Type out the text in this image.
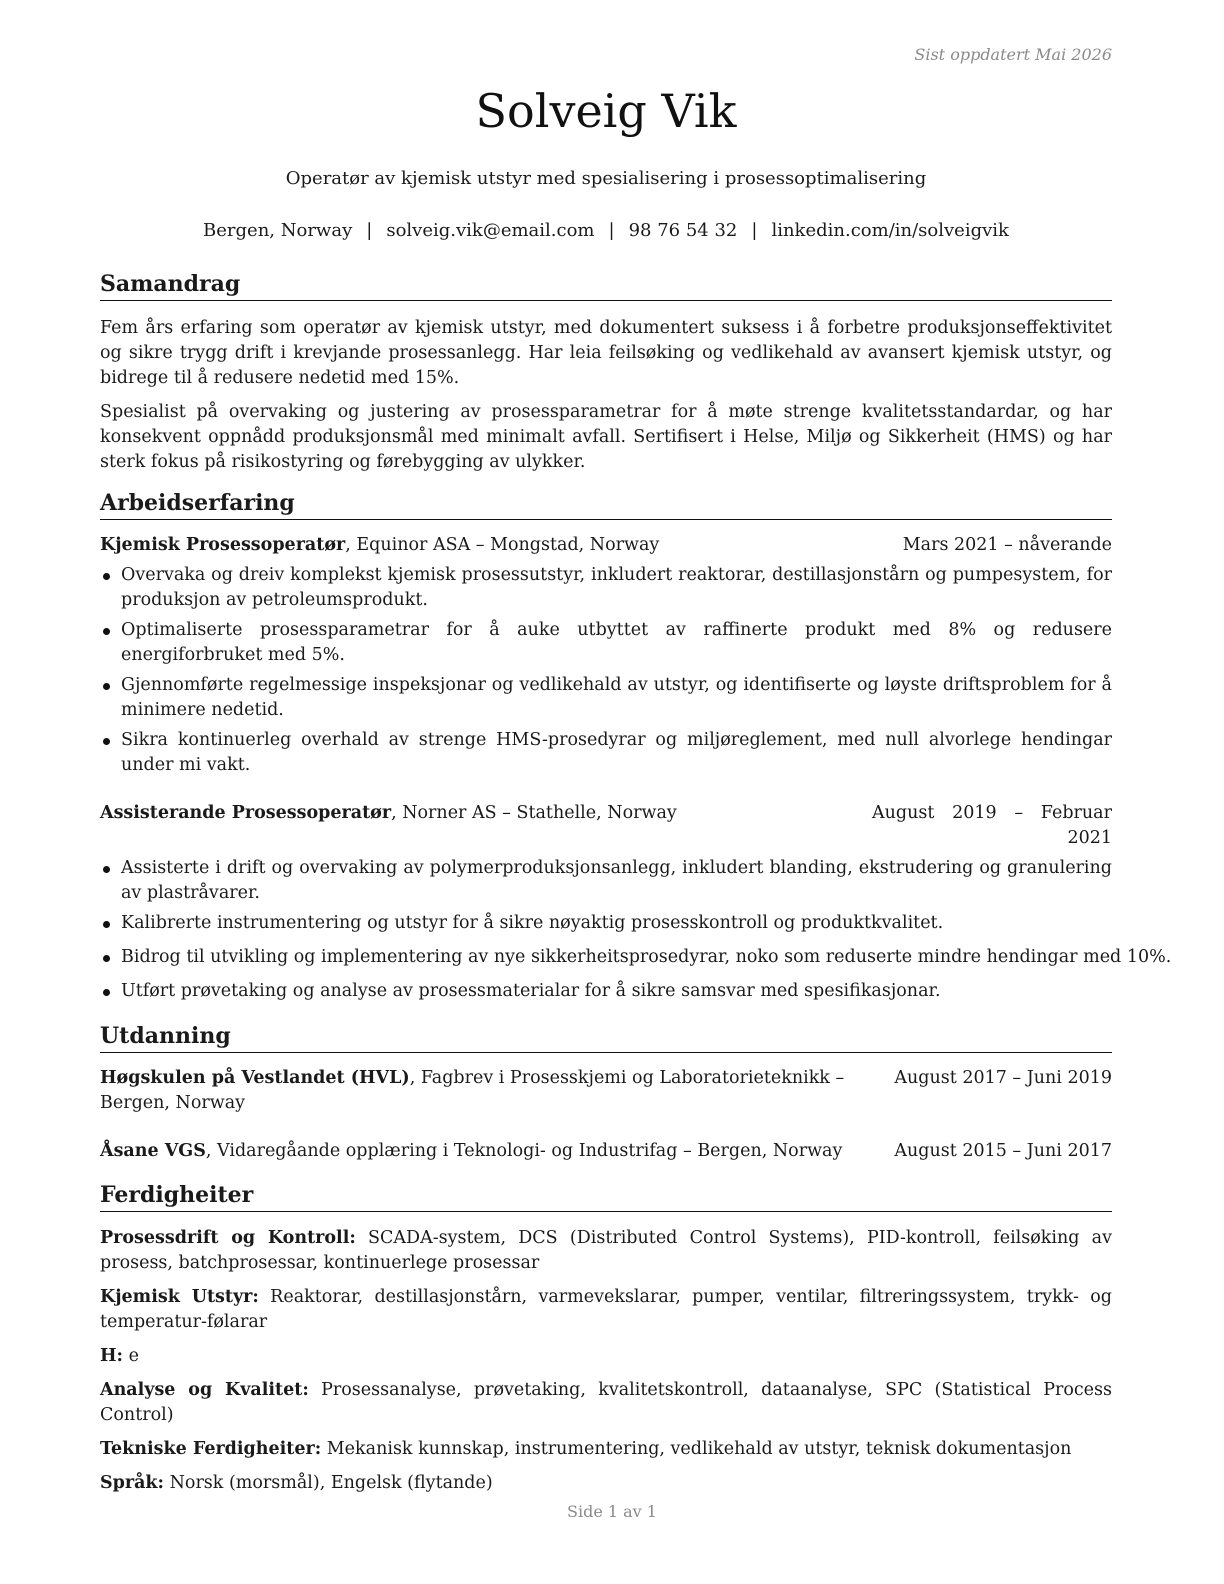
Sist oppdatert Mai 2026
Solveig Vik
Operatør av kjemisk utstyr med spesialisering i prosessoptimalisering
Bergen, Norway | solveig.vik@email.com | 98 76 54 32 | linkedin.com/in/solveigvik
Samandrag

Fem års erfaring som operatør av kjemisk utstyr, med dokumentert suksess i å forbetre produksjonseffektivitet og sikre trygg drift i krevjande prosessanlegg. Har leia feilsøking og vedlikehald av avansert kjemisk utstyr, og bidrege til å redusere nedetid med 15%.

Spesialist på overvaking og justering av prosessparametrar for å møte strenge kvalitetsstandardar, og har konsekvent oppnådd produksjonsmål med minimalt avfall. Sertifisert i Helse, Miljø og Sikkerheit (HMS) og har sterk fokus på risikostyring og førebygging av ulykker.

Arbeidserfaring
Kjemisk Prosessoperatør, Equinor ASA – Mongstad, Norway	Mars 2021 – nåverande
Overvaka og dreiv komplekst kjemisk prosessutstyr, inkludert reaktorar, destillasjonstårn og pumpesystem, for produksjon av petroleumsprodukt.
Optimaliserte prosessparametrar for å auke utbyttet av raffinerte produkt med 8% og redusere energiforbruket med 5%.
Gjennomførte regelmessige inspeksjonar og vedlikehald av utstyr, og identifiserte og løyste driftsproblem for å minimere nedetid.
Sikra kontinuerleg overhald av strenge HMS-prosedyrar og miljøreglement, med null alvorlege hendingar under mi vakt.
Assisterande Prosessoperatør, Norner AS – Stathelle, Norway	August 2019 – Februar 2021
Assisterte i drift og overvaking av polymerproduksjonsanlegg, inkludert blanding, ekstrudering og granulering av plastråvarer.
Kalibrerte instrumentering og utstyr for å sikre nøyaktig prosesskontroll og produktkvalitet.
Bidrog til utvikling og implementering av nye sikkerheitsprosedyrar, noko som reduserte mindre hendingar med 10%.
Utført prøvetaking og analyse av prosessmaterialar for å sikre samsvar med spesifikasjonar.
Utdanning
Høgskulen på Vestlandet (HVL), Fagbrev i Prosesskjemi og Laboratorieteknikk – Bergen, Norway
August 2017 – Juni 2019
Åsane VGS, Vidaregåande opplæring i Teknologi- og Industrifag – Bergen, Norway	August 2015 – Juni 2017
Ferdigheiter
Prosessdrift og Kontroll: SCADA-system, DCS (Distributed Control Systems), PID-kontroll, feilsøking av prosess, batchprosessar, kontinuerlege prosessar
Kjemisk Utstyr: Reaktorar, destillasjonstårn, varmevekslarar, pumper, ventilar, filtreringssystem, trykk- og temperatur-følarar
H: e
Analyse og Kvalitet: Prosessanalyse, prøvetaking, kvalitetskontroll, dataanalyse, SPC (Statistical Process Control)
Tekniske Ferdigheiter: Mekanisk kunnskap, instrumentering, vedlikehald av utstyr, teknisk dokumentasjon
Språk: Norsk (morsmål), Engelsk (flytande)
Side 1 av 1
